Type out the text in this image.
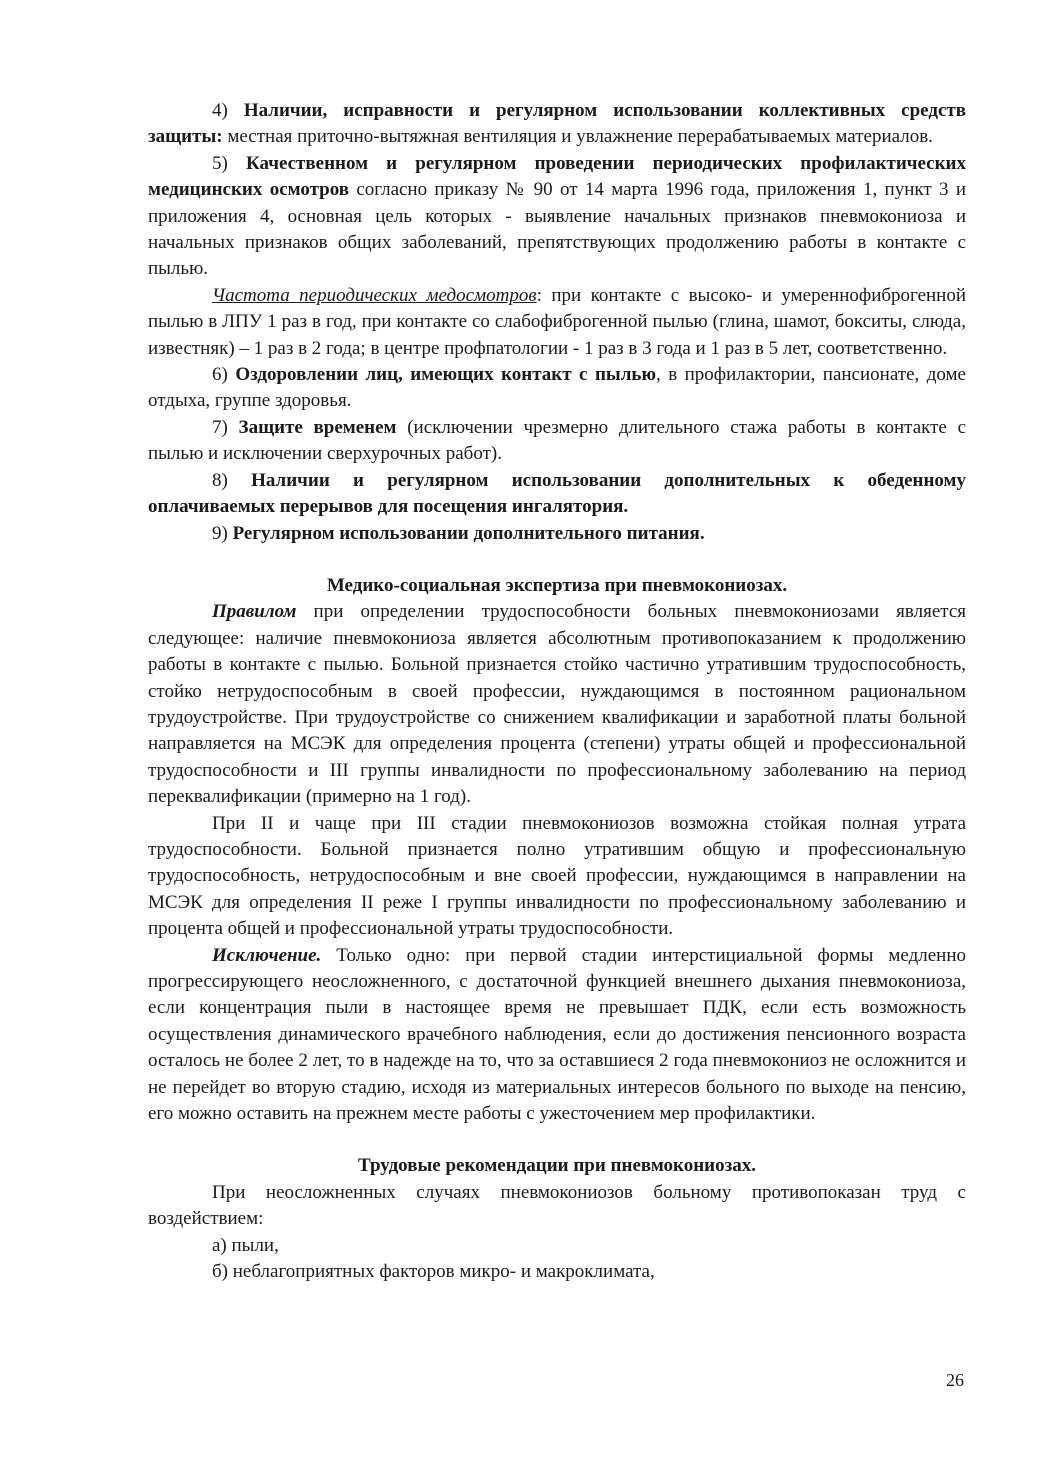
4) Наличии, исправности и регулярном использовании коллективных средств защиты: местная приточно-вытяжная вентиляция и увлажнение перерабатываемых материалов.

5) Качественном и регулярном проведении периодических профилактических медицинских осмотров согласно приказу № 90 от 14 марта 1996 года, приложения 1, пункт 3 и приложения 4, основная цель которых - выявление начальных признаков пневмокониоза и начальных признаков общих заболеваний, препятствующих продолжению работы в контакте с пылью.

Частота периодических медосмотров: при контакте с высоко- и умереннофиброгенной пылью в ЛПУ 1 раз в год, при контакте со слабофиброгенной пылью (глина, шамот, бокситы, слюда, известняк) – 1 раз в 2 года; в центре профпатологии - 1 раз в 3 года и 1 раз в 5 лет, соответственно.

6) Оздоровлении лиц, имеющих контакт с пылью, в профилактории, пансионате, доме отдыха, группе здоровья.

7) Защите временем (исключении чрезмерно длительного стажа работы в контакте с пылью и исключении сверхурочных работ).

8) Наличии и регулярном использовании дополнительных к обеденному оплачиваемых перерывов для посещения ингалятория.

9) Регулярном использовании дополнительного питания.

Медико-социальная экспертиза при пневмокониозах.

Правилом при определении трудоспособности больных пневмокониозами является следующее: наличие пневмокониоза является абсолютным противопоказанием к продолжению работы в контакте с пылью. Больной признается стойко частично утратившим трудоспособность, стойко нетрудоспособным в своей профессии, нуждающимся в постоянном рациональном трудоустройстве. При трудоустройстве со снижением квалификации и заработной платы больной направляется на МСЭК для определения процента (степени) утраты общей и профессиональной трудоспособности и III группы инвалидности по профессиональному заболеванию на период переквалификации (примерно на 1 год).

При II и чаще при III стадии пневмокониозов возможна стойкая полная утрата трудоспособности. Больной признается полно утратившим общую и профессиональную трудоспособность, нетрудоспособным и вне своей профессии, нуждающимся в направлении на МСЭК для определения II реже I группы инвалидности по профессиональному заболеванию и процента общей и профессиональной утраты трудоспособности.

Исключение. Только одно: при первой стадии интерстициальной формы медленно прогрессирующего неосложненного, с достаточной функцией внешнего дыхания пневмокониоза, если концентрация пыли в настоящее время не превышает ПДК, если есть возможность осуществления динамического врачебного наблюдения, если до достижения пенсионного возраста осталось не более 2 лет, то в надежде на то, что за оставшиеся 2 года пневмокониоз не осложнится и не перейдет во вторую стадию, исходя из материальных интересов больного по выходе на пенсию, его можно оставить на прежнем месте работы с ужесточением мер профилактики.

Трудовые рекомендации при пневмокониозах.

При неосложненных случаях пневмокониозов больному противопоказан труд с воздействием:

а) пыли,

б) неблагоприятных факторов микро- и макроклимата,

26
